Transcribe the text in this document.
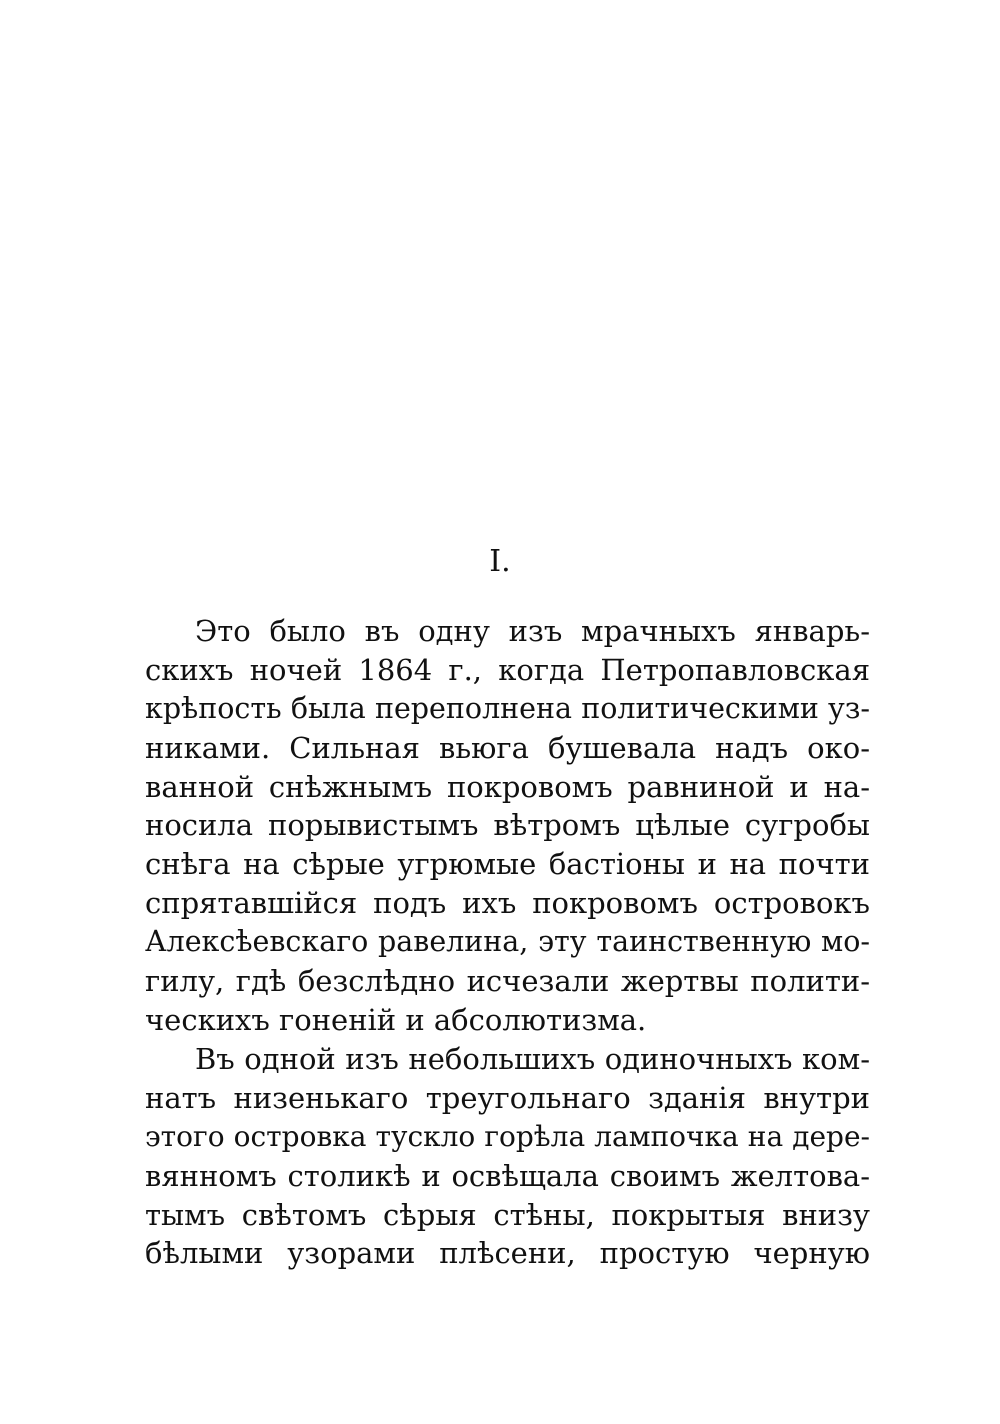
I.
Это было въ одну изъ мрачныхъ январь-
скихъ ночей 1864 г., когда Петропавловская
крѣпость была переполнена политическими уз-
никами. Сильная вьюга бушевала надъ око-
ванной снѣжнымъ покровомъ равниной и на-
носила порывистымъ вѣтромъ цѣлые сугробы
снѣга на сѣрые угрюмые бастіоны и на почти
спрятавшійся подъ ихъ покровомъ островокъ
Алексѣевскаго равелина, эту таинственную мо-
гилу, гдѣ безслѣдно исчезали жертвы полити-
ческихъ гоненій и абсолютизма.
Въ одной изъ небольшихъ одиночныхъ ком-
натъ низенькаго треугольнаго зданія внутри
этого островка тускло горѣла лампочка на дере-
вянномъ столикѣ и освѣщала своимъ желтова-
тымъ свѣтомъ сѣрыя стѣны, покрытыя внизу
бѣлыми узорами плѣсени, простую черную
